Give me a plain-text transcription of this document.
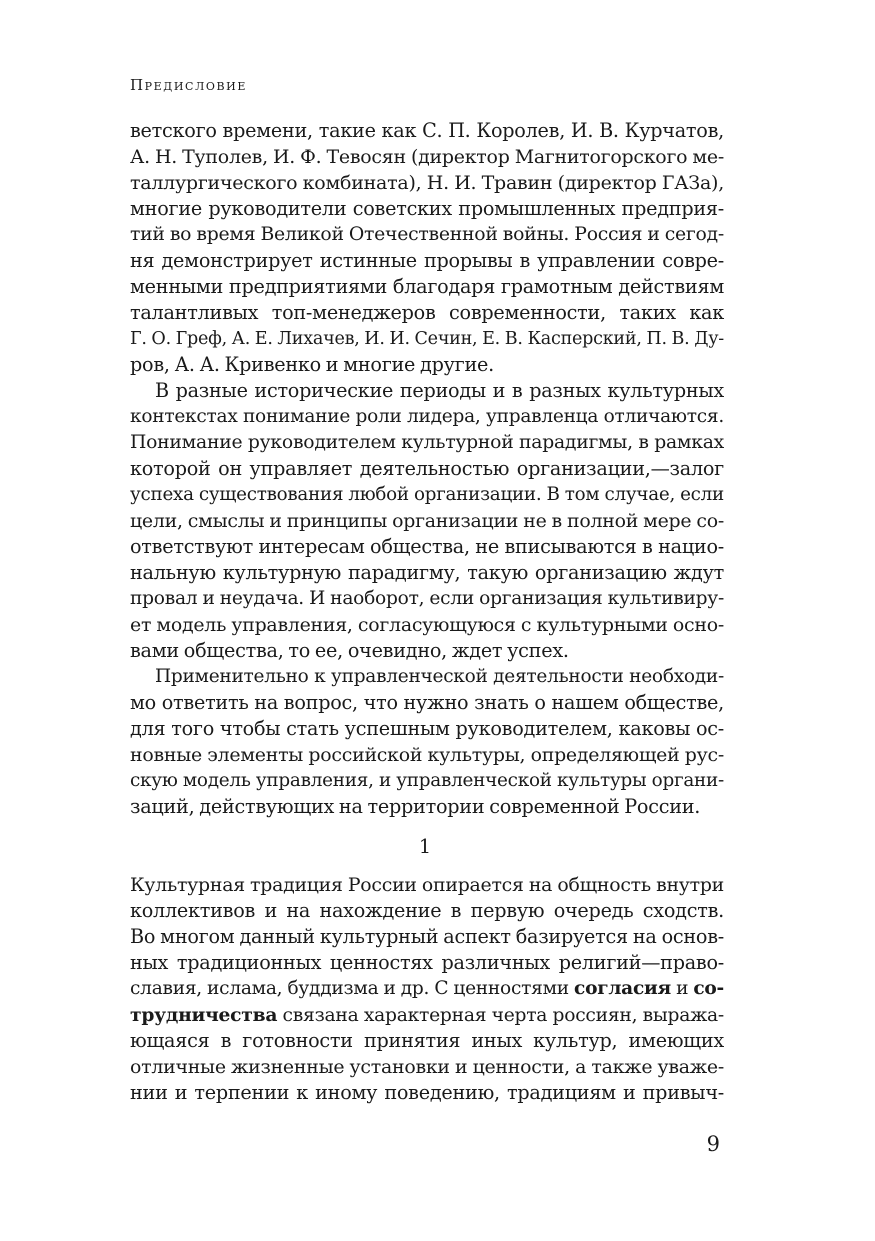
Предисловие
ветского времени, такие как С. П. Королев, И. В. Курчатов,
А. Н. Туполев, И. Ф. Тевосян (директор Магнитогорского ме-
таллургического комбината), Н. И. Травин (директор ГАЗа),
многие руководители советских промышленных предприя-
тий во время Великой Отечественной войны. Россия и сегод-
ня демонстрирует истинные прорывы в управлении совре-
менными предприятиями благодаря грамотным действиям
талантливых топ-менеджеров современности, таких как
Г. О. Греф, А. Е. Лихачев, И. И. Сечин, Е. В. Касперский, П. В. Ду-
ров, А. А. Кривенко и многие другие.
В разные исторические периоды и в разных культурных
контекстах понимание роли лидера, управленца отличаются.
Понимание руководителем культурной парадигмы, в рамках
которой он управляет деятельностью организации,—залог
успеха существования любой организации. В том случае, если
цели, смыслы и принципы организации не в полной мере со-
ответствуют интересам общества, не вписываются в нацио-
нальную культурную парадигму, такую организацию ждут
провал и неудача. И наоборот, если организация культивиру-
ет модель управления, согласующуюся с культурными осно-
вами общества, то ее, очевидно, ждет успех.
Применительно к управленческой деятельности необходи-
мо ответить на вопрос, что нужно знать о нашем обществе,
для того чтобы стать успешным руководителем, каковы ос-
новные элементы российской культуры, определяющей рус-
скую модель управления, и управленческой культуры органи-
заций, действующих на территории современной России.
1
Культурная традиция России опирается на общность внутри
коллективов и на нахождение в первую очередь сходств.
Во многом данный культурный аспект базируется на основ-
ных традиционных ценностях различных религий—право-
славия, ислама, буддизма и др. С ценностями согласия и со-
трудничества связана характерная черта россиян, выража-
ющаяся в готовности принятия иных культур, имеющих
отличные жизненные установки и ценности, а также уваже-
нии и терпении к иному поведению, традициям и привыч-
9
